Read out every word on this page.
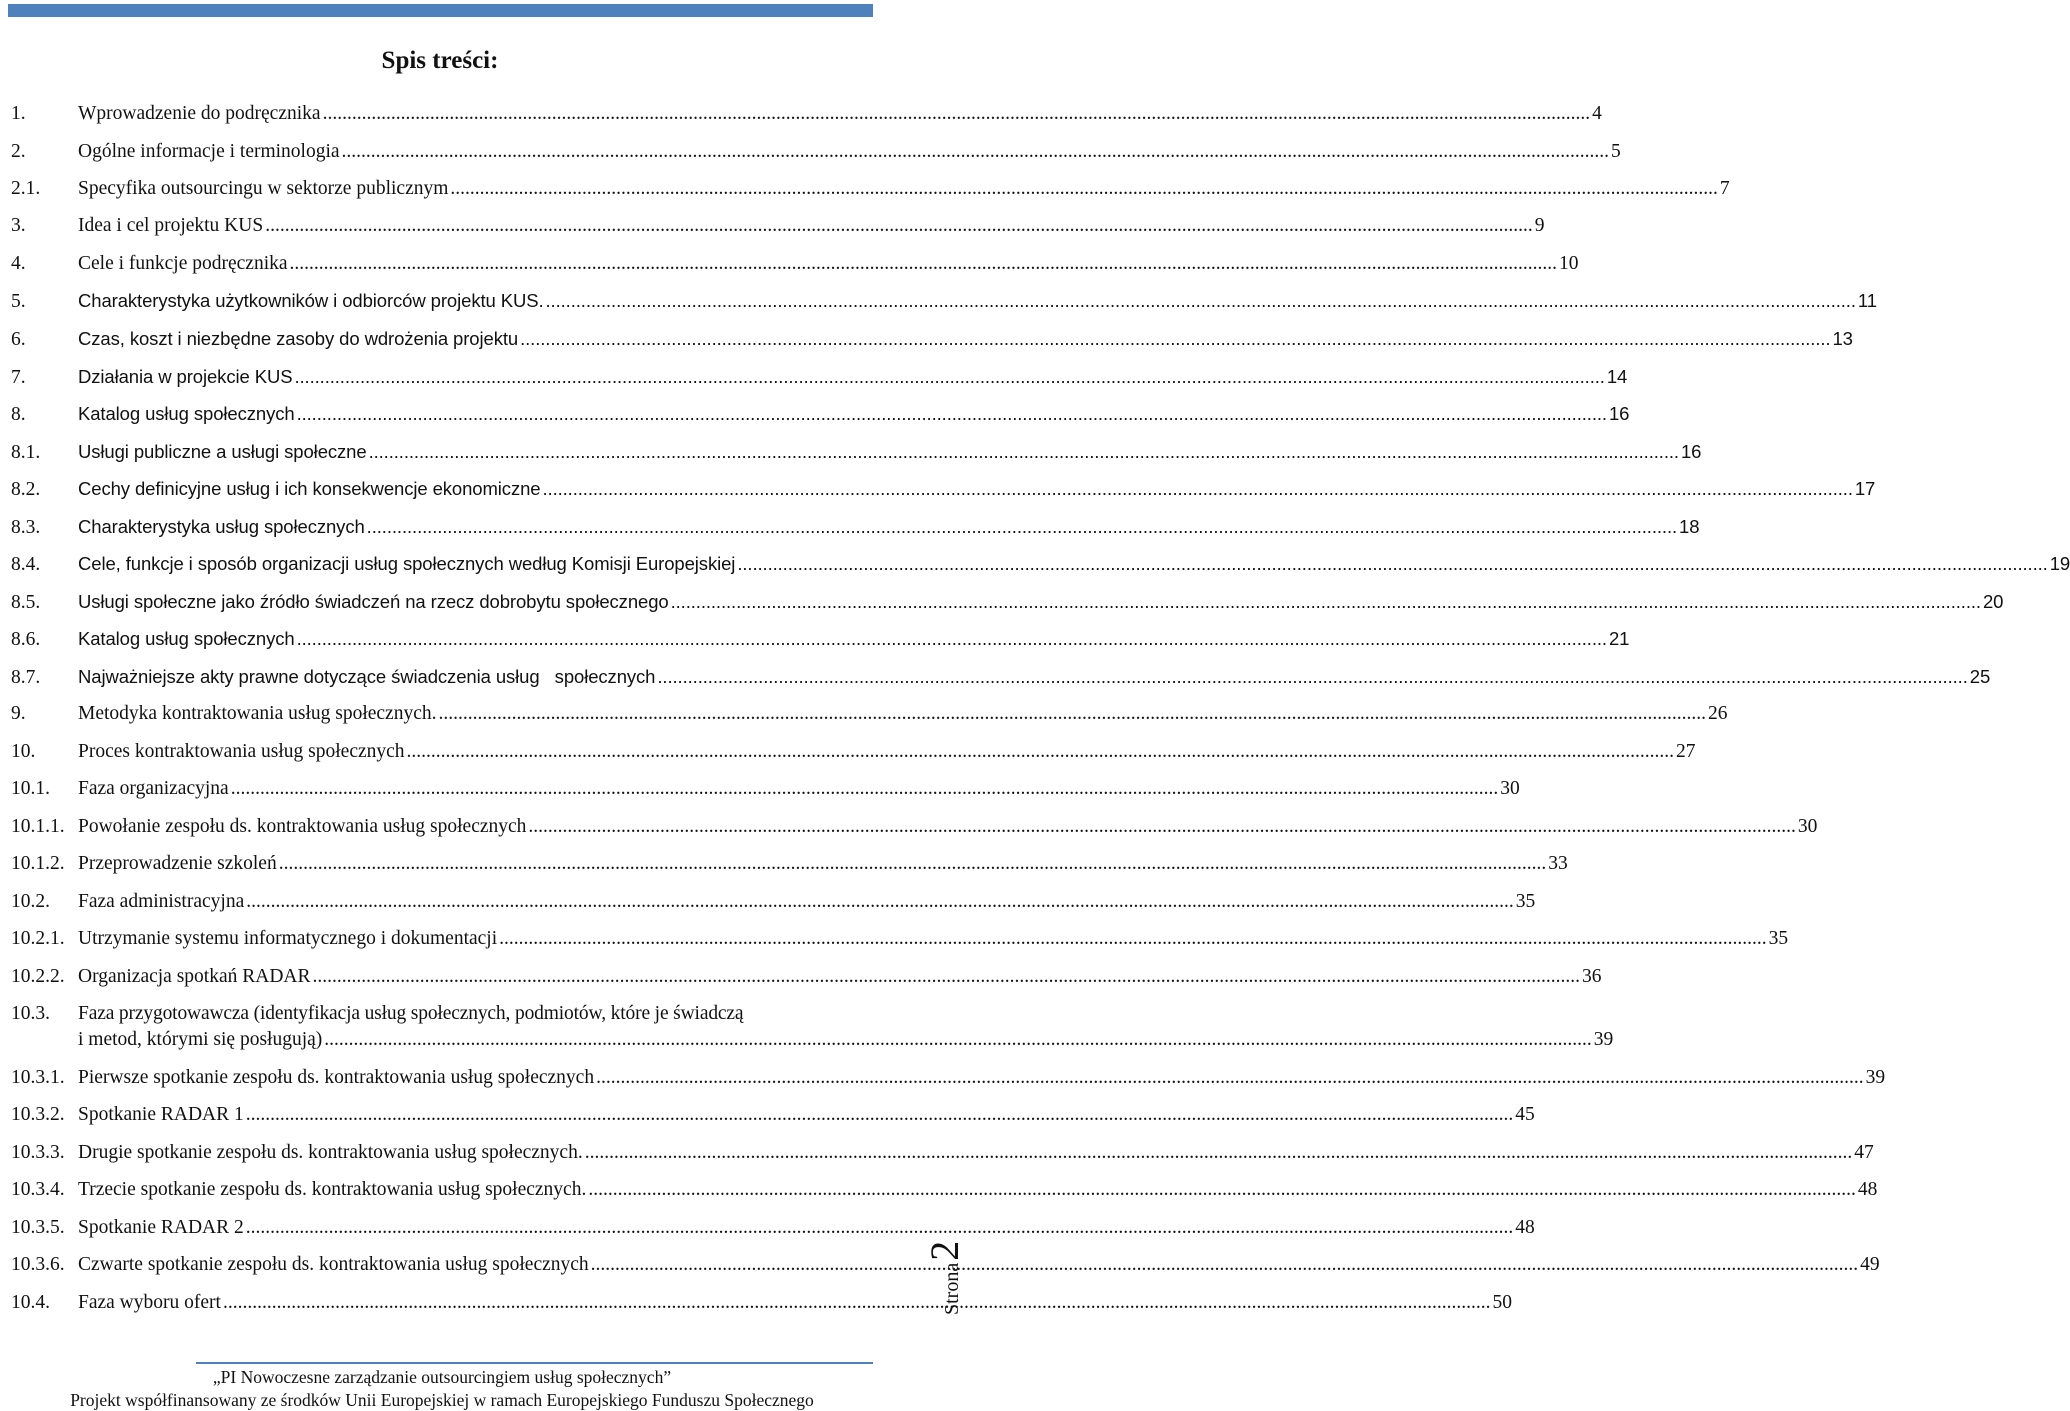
Spis treści:
1.	Wprowadzenie do podręcznika .....	4
2.	Ogólne informacje i terminologia .....	5
2.1.	Specyfika outsourcingu w sektorze publicznym .....	7
3.	Idea i cel projektu KUS .....	9
4.	Cele i funkcje podręcznika .....	10
5.	Charakterystyka użytkowników i odbiorców projektu KUS. .....	11
6.	Czas, koszt i niezbędne zasoby do wdrożenia projektu .....	13
7.	Działania w projekcie KUS .....	14
8.	Katalog usług społecznych .....	16
8.1.	Usługi publiczne a usługi społeczne .....	16
8.2.	Cechy definicyjne usług i ich konsekwencje ekonomiczne .....	17
8.3.	Charakterystyka usług społecznych .....	18
8.4.	Cele, funkcje i sposób organizacji usług społecznych według Komisji Europejskiej .....	19
8.5.	Usługi społeczne jako źródło świadczeń na rzecz dobrobytu społecznego .....	20
8.6.	Katalog usług społecznych .....	21
8.7.	Najważniejsze akty prawne dotyczące świadczenia usług   społecznych .....	25
9.	Metodyka kontraktowania usług społecznych. .....	26
10.	Proces kontraktowania usług społecznych .....	27
10.1.	Faza organizacyjna .....	30
10.1.1. Powołanie zespołu ds. kontraktowania usług społecznych .....	30
10.1.2. Przeprowadzenie szkoleń .....	33
10.2.	Faza administracyjna .....	35
10.2.1. Utrzymanie systemu informatycznego i dokumentacji .....	35
10.2.2. Organizacja spotkań RADAR .....	36
10.3.	Faza przygotowawcza (identyfikacja usług społecznych, podmiotów, które je świadczą
i metod, którymi się posługują) .....	39
10.3.1. Pierwsze spotkanie zespołu ds. kontraktowania usług społecznych .....	39
10.3.2. Spotkanie RADAR 1 .....	45
10.3.3. Drugie spotkanie zespołu ds. kontraktowania usług społecznych. .....	47
10.3.4. Trzecie spotkanie zespołu ds. kontraktowania usług społecznych. .....	48
10.3.5. Spotkanie RADAR 2 .....	48
10.3.6. Czwarte spotkanie zespołu ds. kontraktowania usług społecznych .....	49
10.4.	Faza wyboru ofert .....	50
Strona
2
„PI Nowoczesne zarządzanie outsourcingiem usług społecznych”
Projekt współfinansowany ze środków Unii Europejskiej w ramach Europejskiego Funduszu Społecznego
